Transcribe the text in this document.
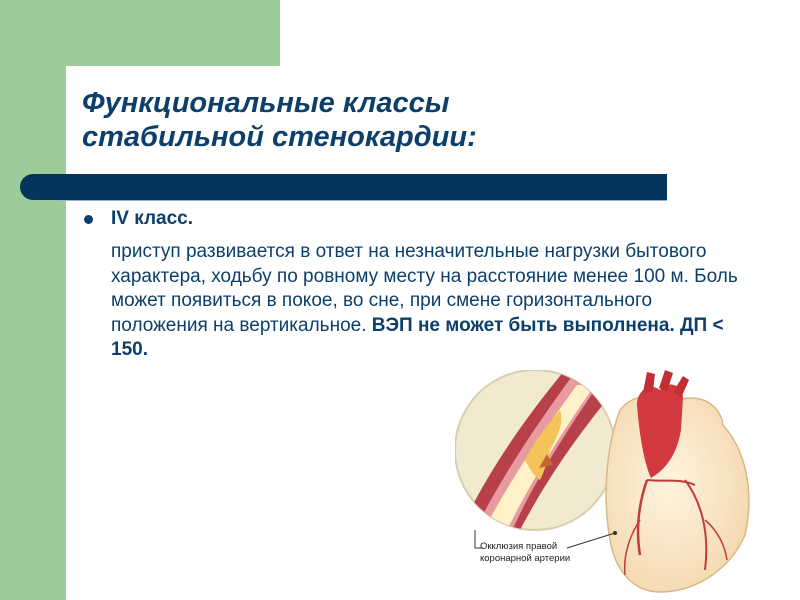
Функциональные классы
стабильной стенокардии:
IV класс.
приступ развивается в ответ на незначительные нагрузки бытового характера, ходьбу по ровному месту на расстояние менее 100 м. Боль может появиться в покое, во сне, при смене горизонтального положения на вертикальное. ВЭП не может быть выполнена. ДП < 150.
Окклюзия правой
коронарной артерии
